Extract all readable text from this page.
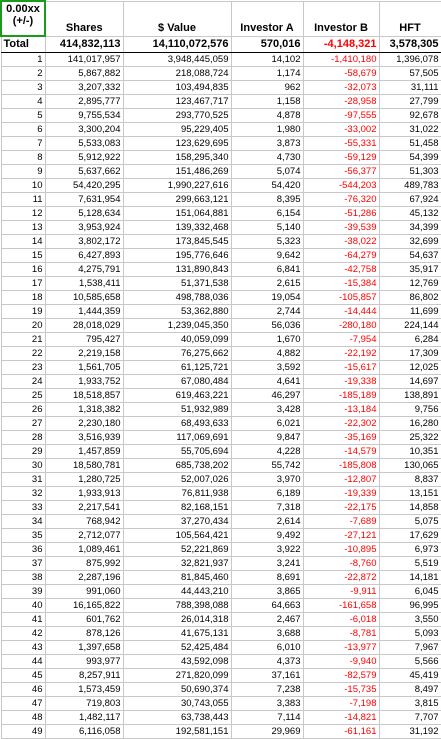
0.00xx
(+/-)	Shares	$ Value	Investor A	Investor B	HFT
Total	414,832,113	14,110,072,576	570,016	-4,148,321	3,578,305
1	141,017,957	3,948,445,059	14,102	-1,410,180	1,396,078
2	5,867,882	218,088,724	1,174	-58,679	57,505
3	3,207,332	103,494,835	962	-32,073	31,111
4	2,895,777	123,467,717	1,158	-28,958	27,799
5	9,755,534	293,770,525	4,878	-97,555	92,678
6	3,300,204	95,229,405	1,980	-33,002	31,022
7	5,533,083	123,629,695	3,873	-55,331	51,458
8	5,912,922	158,295,340	4,730	-59,129	54,399
9	5,637,662	151,486,269	5,074	-56,377	51,303
10	54,420,295	1,990,227,616	54,420	-544,203	489,783
11	7,631,954	299,663,121	8,395	-76,320	67,924
12	5,128,634	151,064,881	6,154	-51,286	45,132
13	3,953,924	139,332,468	5,140	-39,539	34,399
14	3,802,172	173,845,545	5,323	-38,022	32,699
15	6,427,893	195,776,646	9,642	-64,279	54,637
16	4,275,791	131,890,843	6,841	-42,758	35,917
17	1,538,411	51,371,538	2,615	-15,384	12,769
18	10,585,658	498,788,036	19,054	-105,857	86,802
19	1,444,359	53,362,880	2,744	-14,444	11,699
20	28,018,029	1,239,045,350	56,036	-280,180	224,144
21	795,427	40,059,099	1,670	-7,954	6,284
22	2,219,158	76,275,662	4,882	-22,192	17,309
23	1,561,705	61,125,721	3,592	-15,617	12,025
24	1,933,752	67,080,484	4,641	-19,338	14,697
25	18,518,857	619,463,221	46,297	-185,189	138,891
26	1,318,382	51,932,989	3,428	-13,184	9,756
27	2,230,180	68,493,633	6,021	-22,302	16,280
28	3,516,939	117,069,691	9,847	-35,169	25,322
29	1,457,859	55,705,694	4,228	-14,579	10,351
30	18,580,781	685,738,202	55,742	-185,808	130,065
31	1,280,725	52,007,026	3,970	-12,807	8,837
32	1,933,913	76,811,938	6,189	-19,339	13,151
33	2,217,541	82,168,151	7,318	-22,175	14,858
34	768,942	37,270,434	2,614	-7,689	5,075
35	2,712,077	105,564,421	9,492	-27,121	17,629
36	1,089,461	52,221,869	3,922	-10,895	6,973
37	875,992	32,821,937	3,241	-8,760	5,519
38	2,287,196	81,845,460	8,691	-22,872	14,181
39	991,060	44,443,210	3,865	-9,911	6,045
40	16,165,822	788,398,088	64,663	-161,658	96,995
41	601,762	26,014,318	2,467	-6,018	3,550
42	878,126	41,675,131	3,688	-8,781	5,093
43	1,397,658	52,425,484	6,010	-13,977	7,967
44	993,977	43,592,098	4,373	-9,940	5,566
45	8,257,911	271,820,099	37,161	-82,579	45,419
46	1,573,459	50,690,374	7,238	-15,735	8,497
47	719,803	30,743,055	3,383	-7,198	3,815
48	1,482,117	63,738,443	7,114	-14,821	7,707
49	6,116,058	192,581,151	29,969	-61,161	31,192
